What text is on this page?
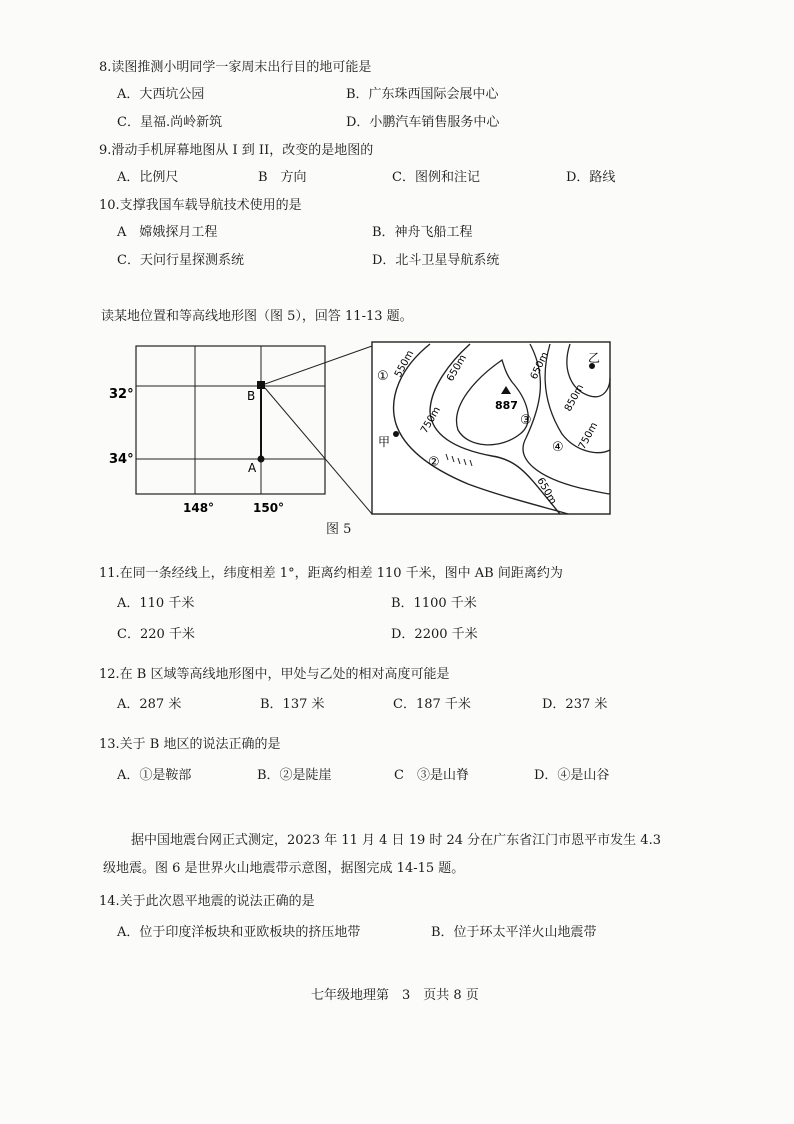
8.读图推测小明同学一家周末出行目的地可能是
A．大西坑公园	B．广东珠西国际会展中心
C．星福.尚岭新筑	D．小鹏汽车销售服务中心
9.滑动手机屏幕地图从 I 到 II，改变的是地图的
A．比例尺	B　方向	C．图例和注记	D．路线
10.支撑我国车载导航技术使用的是
A　嫦娥探月工程	B．神舟飞船工程
C．天问行星探测系统	D．北斗卫星导航系统
读某地位置和等高线地形图（图 5），回答 11-13 题。
32°
34°
148°	150°
B
A
550m	650m
750m
650m
850m
750m
650m
887
甲
乙
①
②
③
④
图 5
11.在同一条经线上，纬度相差 1°，距离约相差 110 千米，图中 AB 间距离约为
A．110 千米	B．1100 千米
C．220 千米	D．2200 千米
12.在 B 区域等高线地形图中，甲处与乙处的相对高度可能是
A．287 米	B．137 米	C．187 千米	D．237 米
13.关于 B 地区的说法正确的是
A．①是鞍部	B．②是陡崖	C　③是山脊	D．④是山谷
据中国地震台网正式测定，2023 年 11 月 4 日 19 时 24 分在广东省江门市恩平市发生 4.3
级地震。图 6 是世界火山地震带示意图，据图完成 14-15 题。
14.关于此次恩平地震的说法正确的是
A．位于印度洋板块和亚欧板块的挤压地带	B．位于环太平洋火山地震带
七年级地理第　3　页共 8 页
